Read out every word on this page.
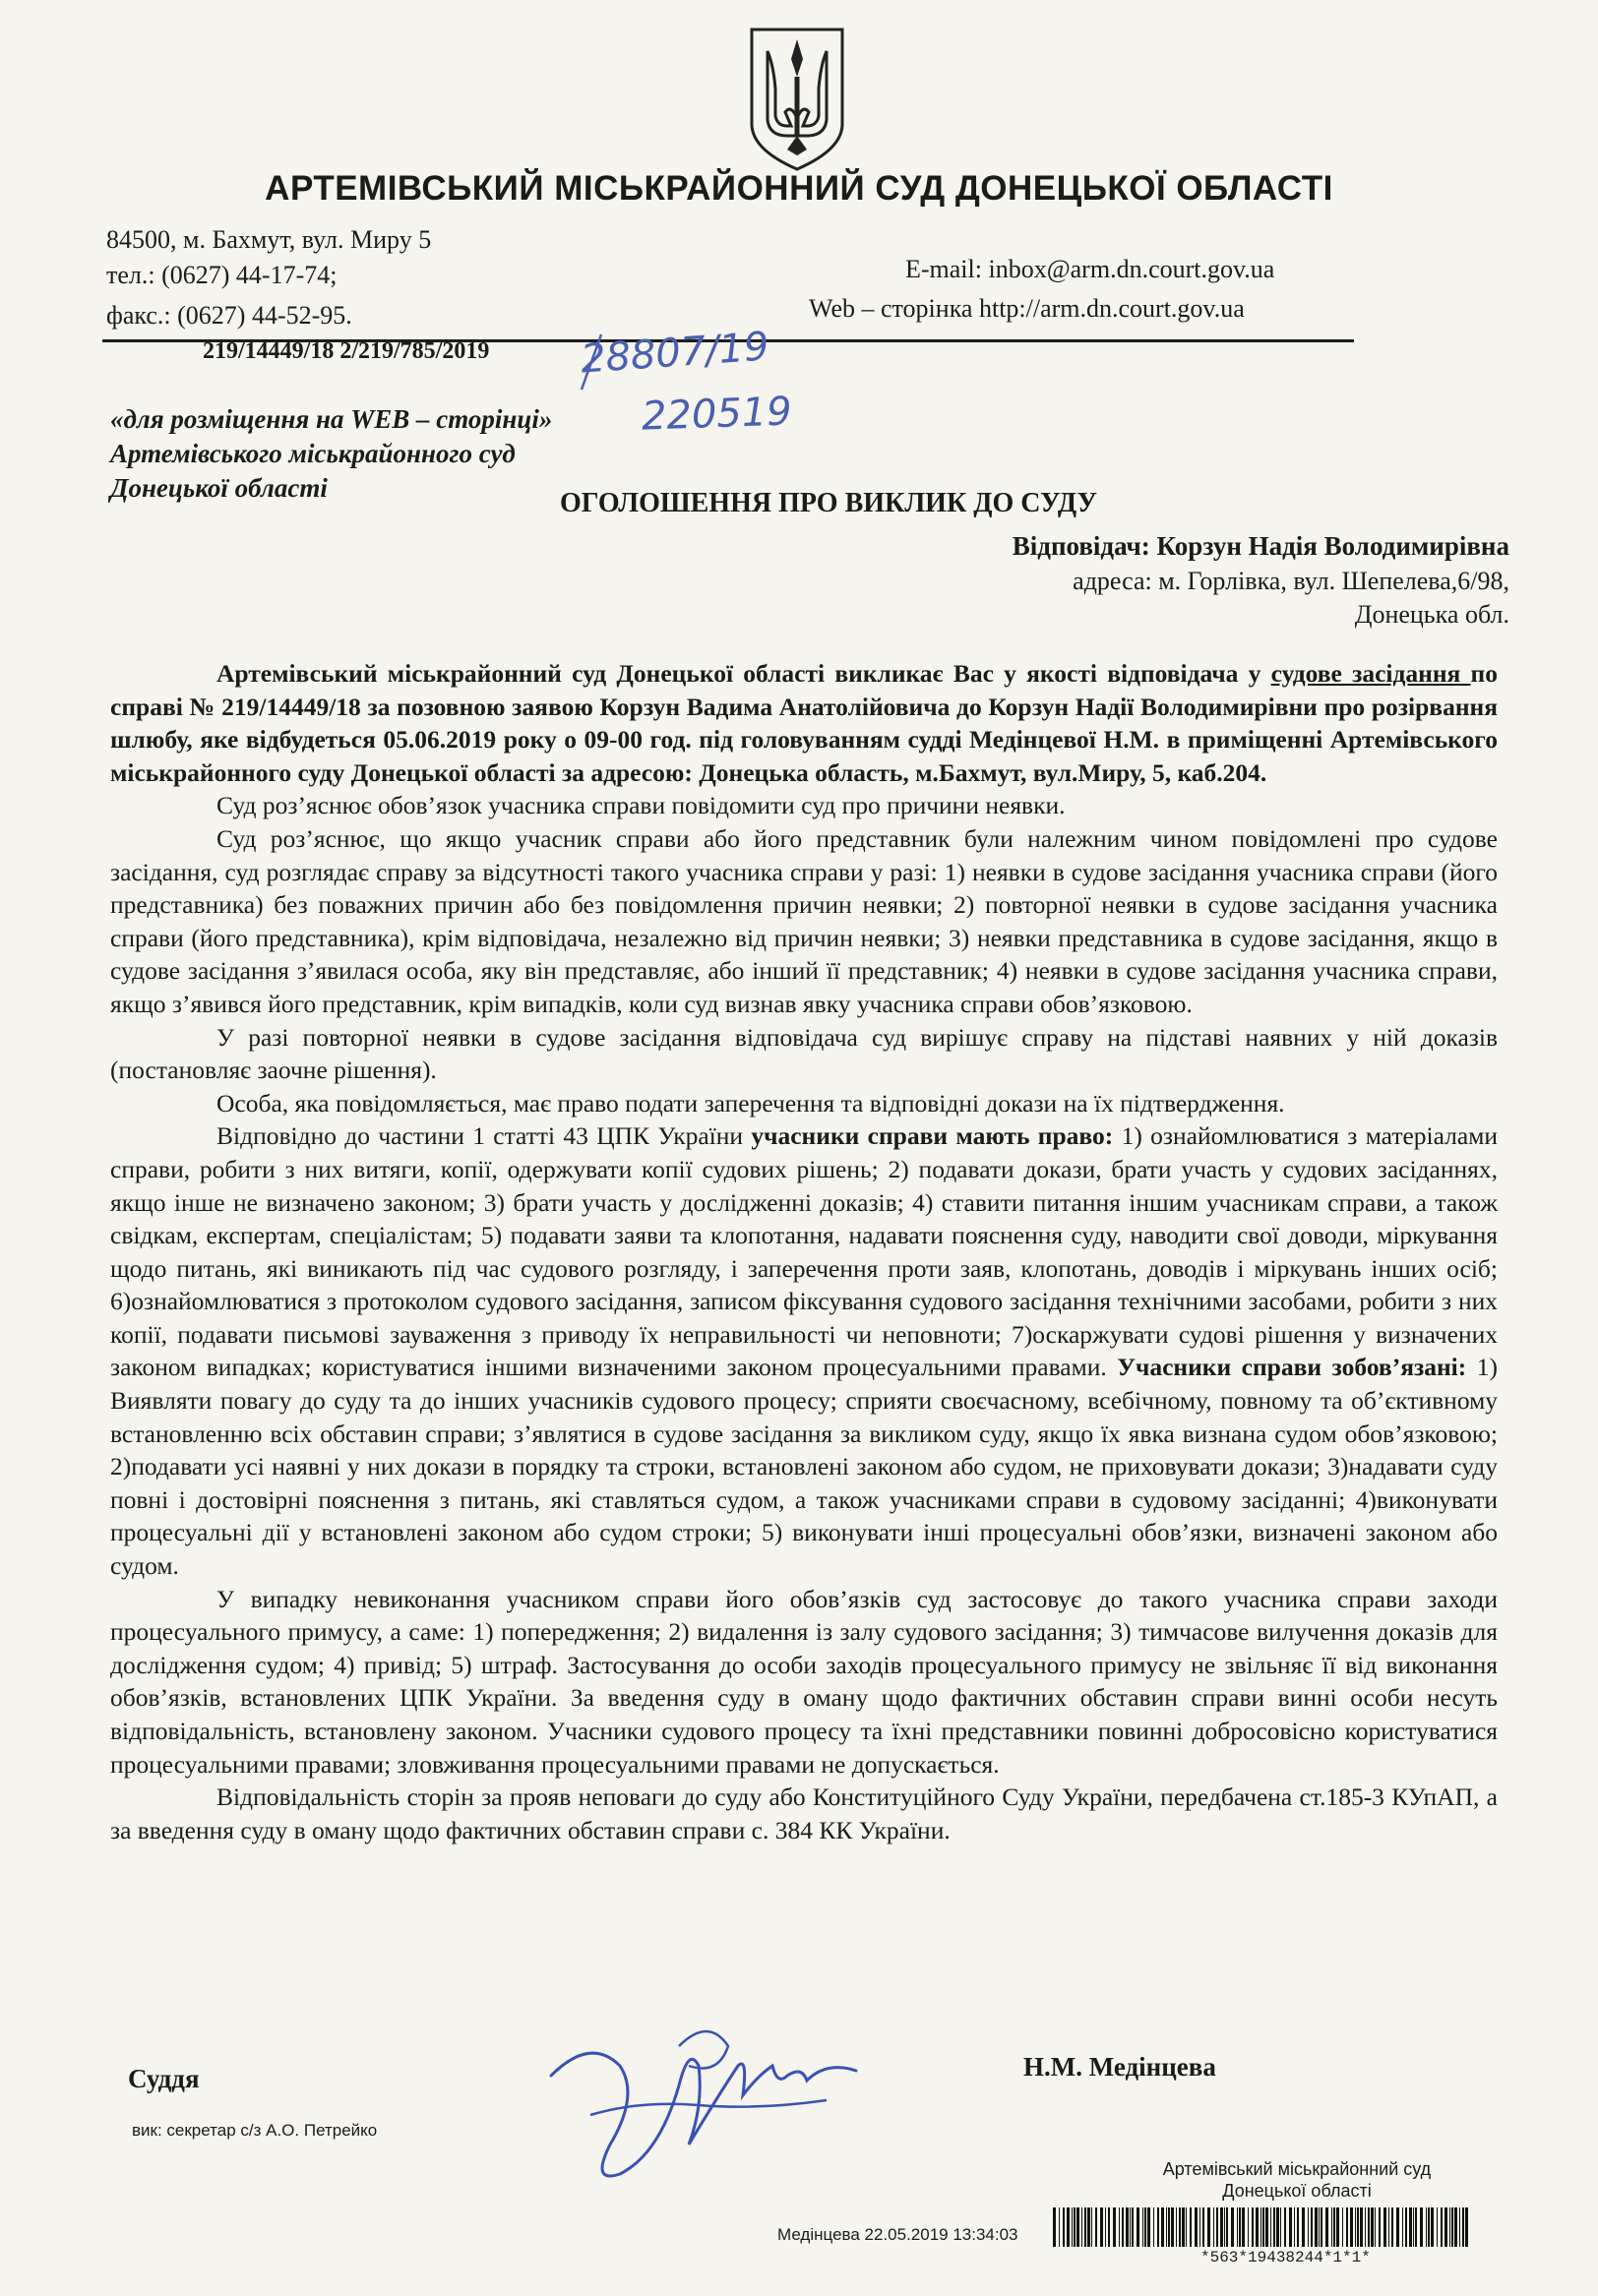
АРТЕМІВСЬКИЙ МІСЬКРАЙОННИЙ СУД ДОНЕЦЬКОЇ ОБЛАСТІ
84500, м. Бахмут, вул. Миру 5
тел.: (0627) 44-17-74;
факс.: (0627) 44-52-95.
E-mail: inbox@arm.dn.court.gov.ua
Web – сторінка http://arm.dn.court.gov.ua
219/14449/18 2/219/785/2019 28807/19
220519
«для розміщення на WEB – сторінці»
Артемівського міськрайонного суд
Донецької області	ОГОЛОШЕННЯ ПРО ВИКЛИК ДО СУДУ
Відповідач: Корзун Надія Володимирівна
адреса: м. Горлівка, вул. Шепелева,6/98,
Донецька обл.

Артемівський міськрайонний суд Донецької області викликає Вас у якості відповідача у судове засідання по справі № 219/14449/18 за позовною заявою Корзун Вадима Анатолійовича до Корзун Надії Володимирівни про розірвання шлюбу, яке відбудеться 05.06.2019 року о 09-00 год. під головуванням судді Медінцевої Н.М. в приміщенні Артемівського міськрайонного суду Донецької області за адресою: Донецька область, м.Бахмут, вул.Миру, 5, каб.204.

Суд роз’яснює обов’язок учасника справи повідомити суд про причини неявки.

Суд роз’яснює, що якщо учасник справи або його представник були належним чином повідомлені про судове засідання, суд розглядає справу за відсутності такого учасника справи у разі: 1) неявки в судове засідання учасника справи (його представника) без поважних причин або без повідомлення причин неявки; 2) повторної неявки в судове засідання учасника справи (його представника), крім відповідача, незалежно від причин неявки; 3) неявки представника в судове засідання, якщо в судове засідання з’явилася особа, яку він представляє, або інший її представник; 4) неявки в судове засідання учасника справи, якщо з’явився його представник, крім випадків, коли суд визнав явку учасника справи обов’язковою.

У разі повторної неявки в судове засідання відповідача суд вирішує справу на підставі наявних у ній доказів (постановляє заочне рішення).

Особа, яка повідомляється, має право подати заперечення та відповідні докази на їх підтвердження.

Відповідно до частини 1 статті 43 ЦПК України учасники справи мають право: 1) ознайомлюватися з матеріалами справи, робити з них витяги, копії, одержувати копії судових рішень; 2) подавати докази, брати участь у судових засіданнях, якщо інше не визначено законом; 3) брати участь у дослідженні доказів; 4) ставити питання іншим учасникам справи, а також свідкам, експертам, спеціалістам; 5) подавати заяви та клопотання, надавати пояснення суду, наводити свої доводи, міркування щодо питань, які виникають під час судового розгляду, і заперечення проти заяв, клопотань, доводів і міркувань інших осіб; 6)ознайомлюватися з протоколом судового засідання, записом фіксування судового засідання технічними засобами, робити з них копії, подавати письмові зауваження з приводу їх неправильності чи неповноти; 7)оскаржувати судові рішення у визначених законом випадках; користуватися іншими визначеними законом процесуальними правами. Учасники справи зобов’язані: 1) Виявляти повагу до суду та до інших учасників судового процесу; сприяти своєчасному, всебічному, повному та об’єктивному встановленню всіх обставин справи; з’являтися в судове засідання за викликом суду, якщо їх явка визнана судом обов’язковою; 2)подавати усі наявні у них докази в порядку та строки, встановлені законом або судом, не приховувати докази; 3)надавати суду повні і достовірні пояснення з питань, які ставляться судом, а також учасниками справи в судовому засіданні; 4)виконувати процесуальні дії у встановлені законом або судом строки; 5) виконувати інші процесуальні обов’язки, визначені законом або судом.

У випадку невиконання учасником справи його обов’язків суд застосовує до такого учасника справи заходи процесуального примусу, а саме: 1) попередження; 2) видалення із залу судового засідання; 3) тимчасове вилучення доказів для дослідження судом; 4) привід; 5) штраф. Застосування до особи заходів процесуального примусу не звільняє її від виконання обов’язків, встановлених ЦПК України. За введення суду в оману щодо фактичних обставин справи винні особи несуть відповідальність, встановлену законом. Учасники судового процесу та їхні представники повинні добросовісно користуватися процесуальними правами; зловживання процесуальними правами не допускається.

Відповідальність сторін за прояв неповаги до суду або Конституційного Суду України, передбачена ст.185-3 КУпАП, а за введення суду в оману щодо фактичних обставин справи с. 384 КК України.

Суддя	Н.М. Медінцева
вик: секретар с/з А.О. Петрейко
Артемівський міськрайонний суд
Донецької області
Медінцева 22.05.2019 13:34:03
*563*19438244*1*1*
